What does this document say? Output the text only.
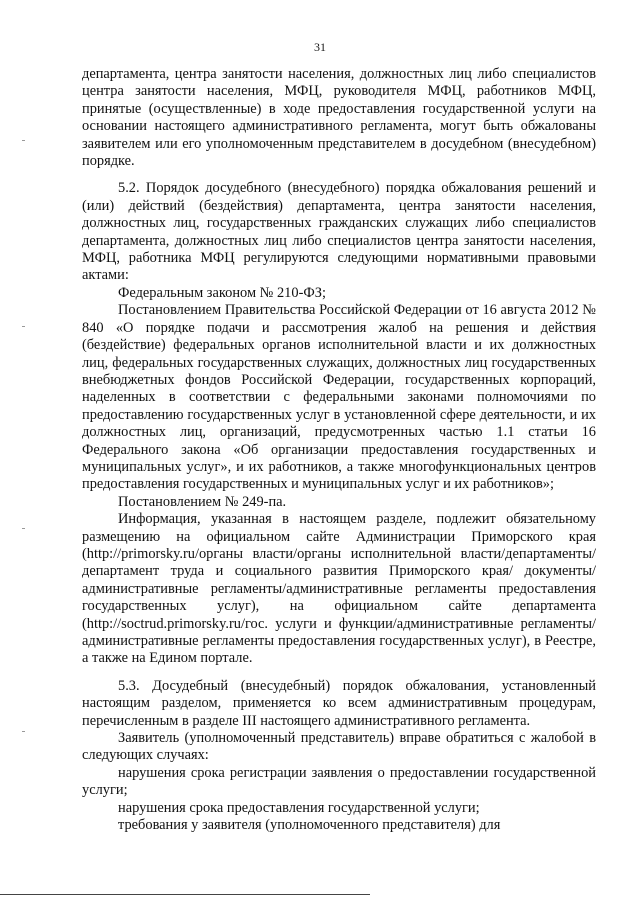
31

департамента, центра занятости населения, должностных лиц либо специалистов центра занятости населения, МФЦ, руководителя МФЦ, работников МФЦ, принятые (осуществленные) в ходе предоставления государственной услуги на основании настоящего административного регламента, могут быть обжалованы заявителем или его уполномоченным представителем в досудебном (внесудебном) порядке.

5.2. Порядок досудебного (внесудебного) порядка обжалования решений и (или) действий (бездействия) департамента, центра занятости населения, должностных лиц, государственных гражданских служащих либо специалистов департамента, должностных лиц либо специалистов центра занятости населения, МФЦ, работника МФЦ регулируются следующими нормативными правовыми актами:

Федеральным законом № 210-ФЗ;

Постановлением Правительства Российской Федерации от 16 августа 2012 № 840 «О порядке подачи и рассмотрения жалоб на решения и действия (бездействие) федеральных органов исполнительной власти и их должностных лиц, федеральных государственных служащих, должностных лиц государственных внебюджетных фондов Российской Федерации, государственных корпораций, наделенных в соответствии с федеральными законами полномочиями по предоставлению государственных услуг в установленной сфере деятельности, и их должностных лиц, организаций, предусмотренных частью 1.1 статьи 16 Федерального закона «Об организации предоставления государственных и муниципальных услуг», и их работников, а также многофункциональных центров предоставления государственных и муниципальных услуг и их работников»;

Постановлением № 249-па.

Информация, указанная в настоящем разделе, подлежит обязательному размещению на официальном сайте Администрации Приморского края (http://primorsky.ru/органы власти/органы исполнительной власти/департаменты/департамент труда и социального развития Приморского края/ документы/административные регламенты/административные регламенты предоставления государственных услуг), на официальном сайте департамента (http://soctrud.primorsky.ru/гос. услуги и функции/административные регламенты/административные регламенты предоставления государственных услуг), в Реестре, а также на Едином портале.

5.3. Досудебный (внесудебный) порядок обжалования, установленный настоящим разделом, применяется ко всем административным процедурам, перечисленным в разделе III настоящего административного регламента.

Заявитель (уполномоченный представитель) вправе обратиться с жалобой в следующих случаях:

нарушения срока регистрации заявления о предоставлении государственной услуги;

нарушения срока предоставления государственной услуги;

требования у заявителя (уполномоченного представителя) для
